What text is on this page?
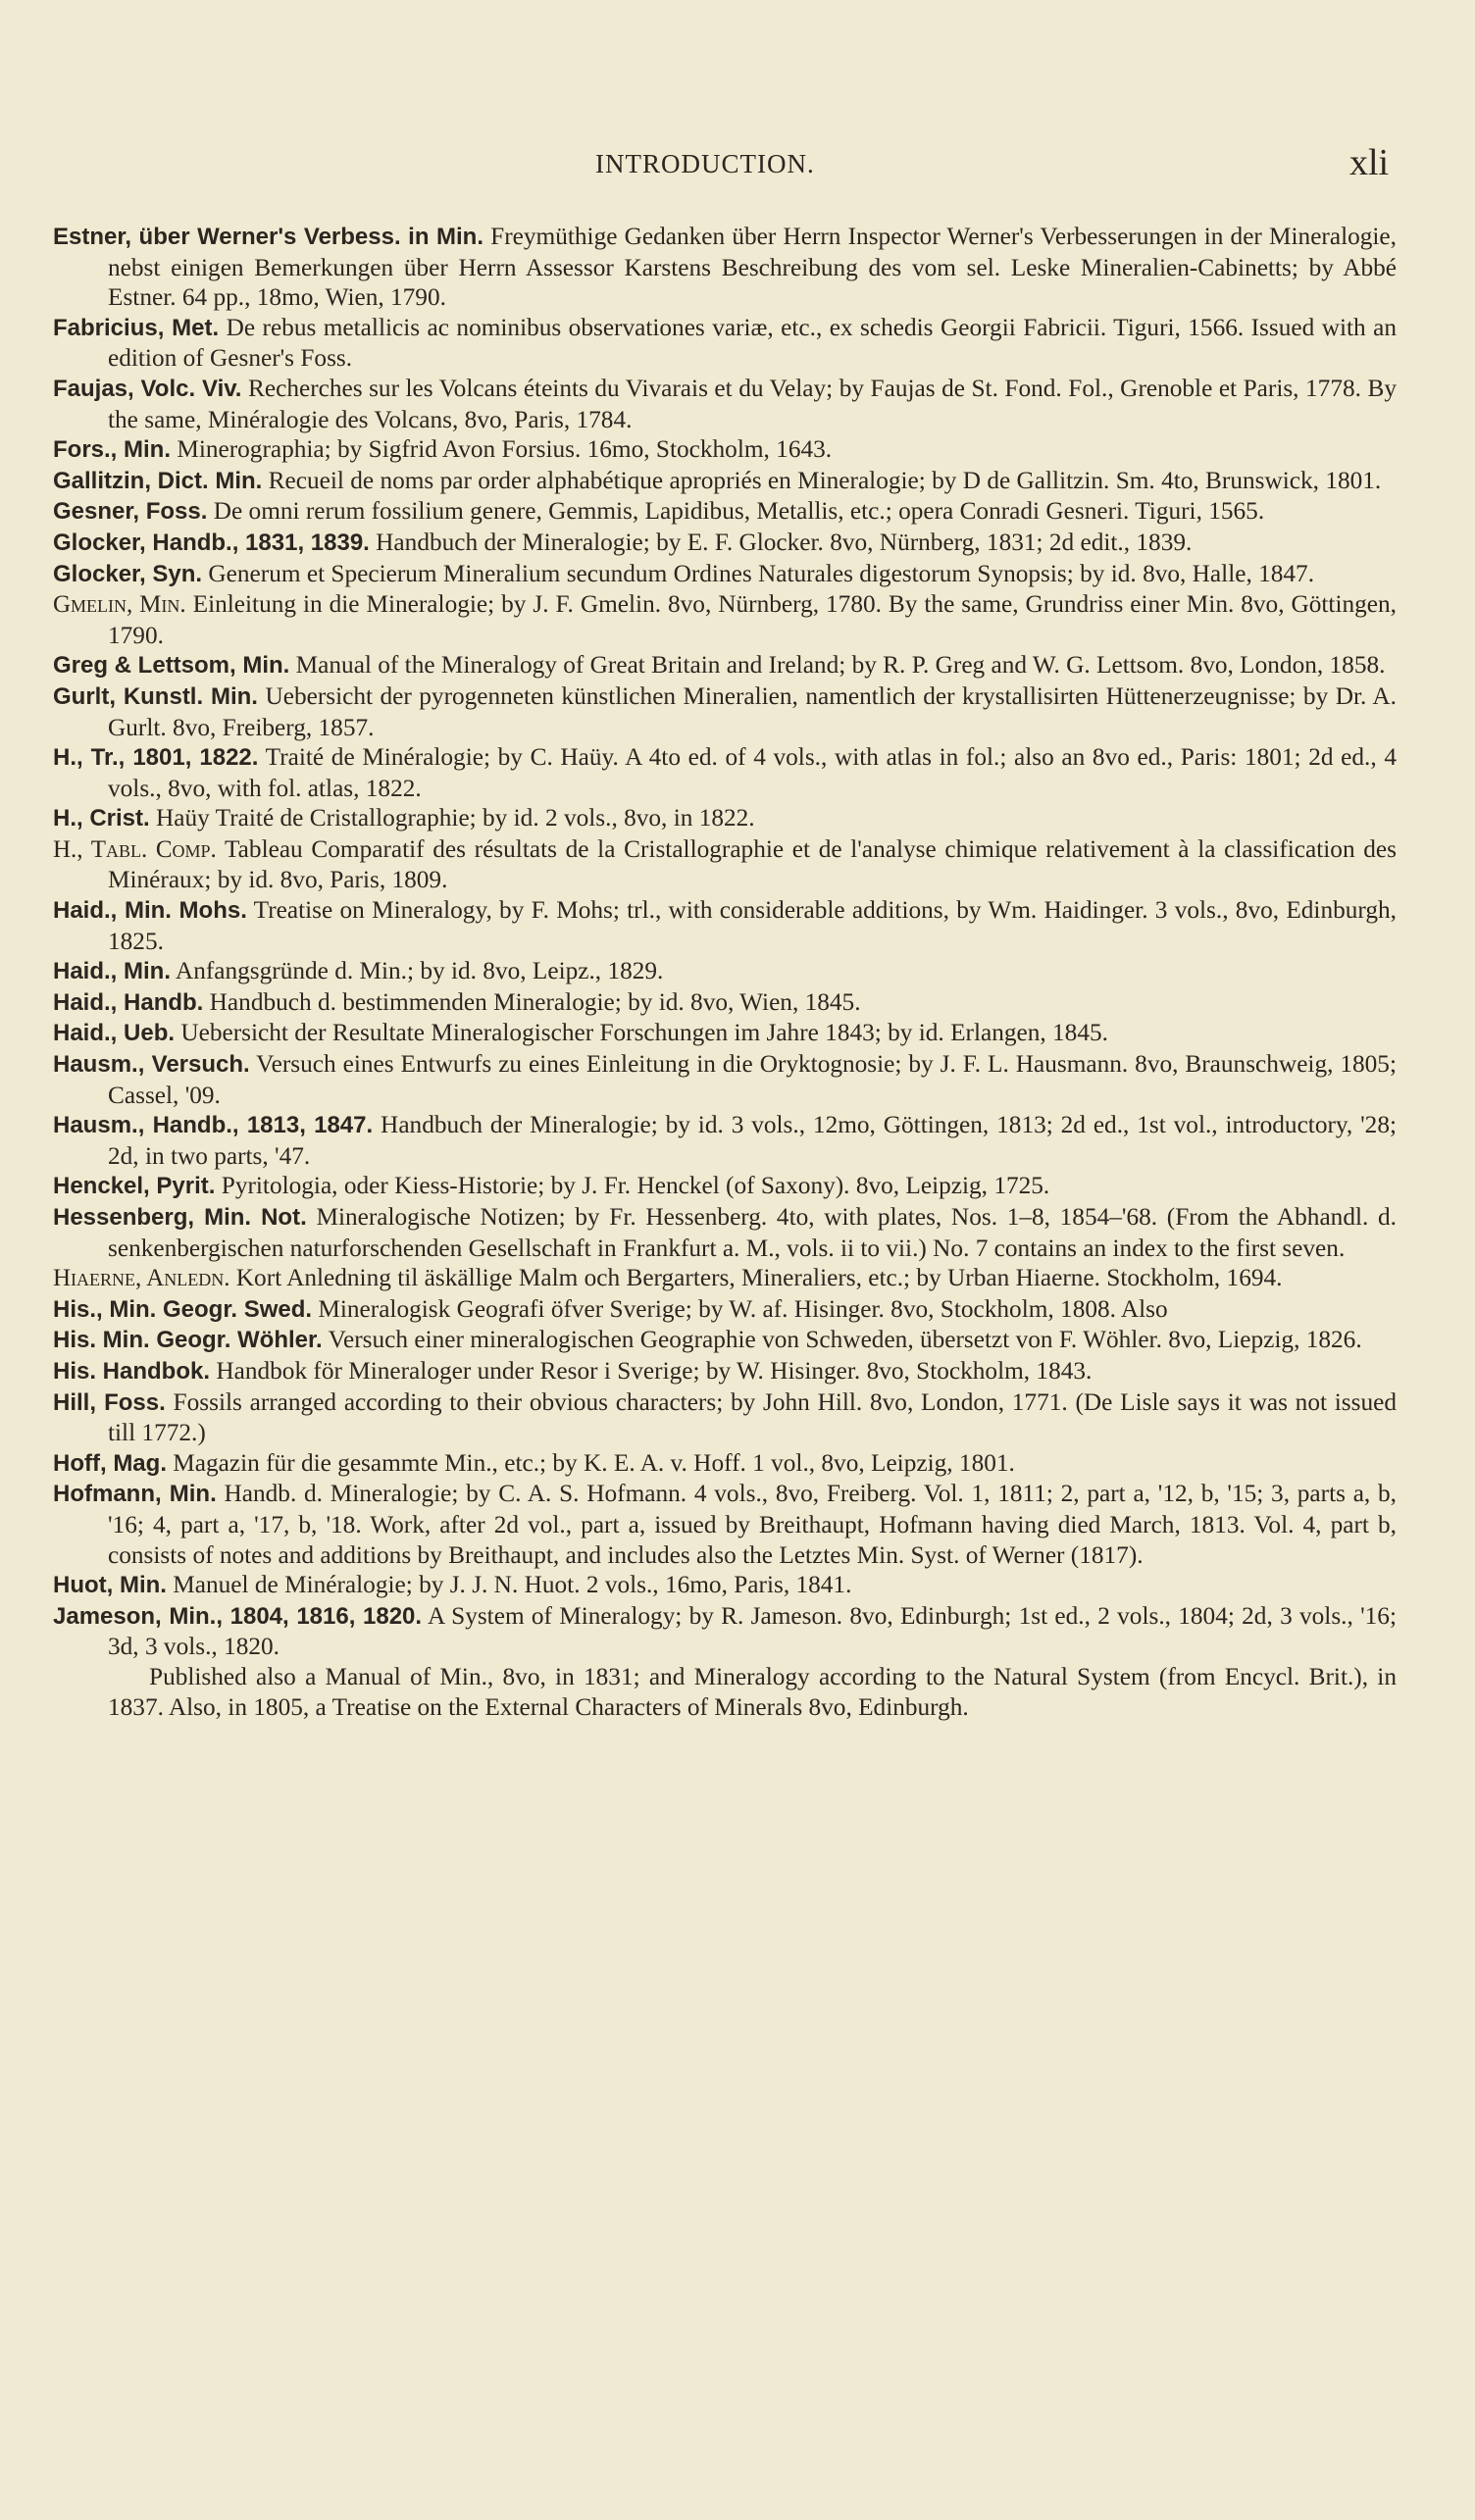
INTRODUCTION.	xli
Estner, über Werner's Verbess. in Min. Freymüthige Gedanken über Herrn Inspector Werner's Verbesserungen in der Mineralogie, nebst einigen Bemerkungen über Herrn Assessor Karstens Beschreibung des vom sel. Leske Mineralien-Cabinetts; by Abbé Estner. 64 pp., 18mo, Wien, 1790.
Fabricius, Met. De rebus metallicis ac nominibus observationes variæ, etc., ex schedis Georgii Fabricii. Tiguri, 1566. Issued with an edition of Gesner's Foss.
Faujas, Volc. Viv. Recherches sur les Volcans éteints du Vivarais et du Velay; by Faujas de St. Fond. Fol., Grenoble et Paris, 1778. By the same, Minéralogie des Volcans, 8vo, Paris, 1784.
Fors., Min. Minerographia; by Sigfrid Avon Forsius. 16mo, Stockholm, 1643.
Gallitzin, Dict. Min. Recueil de noms par order alphabétique apropriés en Mineralogie; by D de Gallitzin. Sm. 4to, Brunswick, 1801.
Gesner, Foss. De omni rerum fossilium genere, Gemmis, Lapidibus, Metallis, etc.; opera Conradi Gesneri. Tiguri, 1565.
Glocker, Handb., 1831, 1839. Handbuch der Mineralogie; by E. F. Glocker. 8vo, Nürnberg, 1831; 2d edit., 1839.
Glocker, Syn. Generum et Specierum Mineralium secundum Ordines Naturales digestorum Synopsis; by id. 8vo, Halle, 1847.
Gmelin, Min. Einleitung in die Mineralogie; by J. F. Gmelin. 8vo, Nürnberg, 1780. By the same, Grundriss einer Min. 8vo, Göttingen, 1790.
Greg & Lettsom, Min. Manual of the Mineralogy of Great Britain and Ireland; by R. P. Greg and W. G. Lettsom. 8vo, London, 1858.
Gurlt, Kunstl. Min. Uebersicht der pyrogenneten künstlichen Mineralien, namentlich der krystallisirten Hüttenerzeugnisse; by Dr. A. Gurlt. 8vo, Freiberg, 1857.
H., Tr., 1801, 1822. Traité de Minéralogie; by C. Haüy. A 4to ed. of 4 vols., with atlas in fol.; also an 8vo ed., Paris: 1801; 2d ed., 4 vols., 8vo, with fol. atlas, 1822.
H., Crist. Haüy Traité de Cristallographie; by id. 2 vols., 8vo, in 1822.
H., Tabl. Comp. Tableau Comparatif des résultats de la Cristallographie et de l'analyse chimique relativement à la classification des Minéraux; by id. 8vo, Paris, 1809.
Haid., Min. Mohs. Treatise on Mineralogy, by F. Mohs; trl., with considerable additions, by Wm. Haidinger. 3 vols., 8vo, Edinburgh, 1825.
Haid., Min. Anfangsgründe d. Min.; by id. 8vo, Leipz., 1829.
Haid., Handb. Handbuch d. bestimmenden Mineralogie; by id. 8vo, Wien, 1845.
Haid., Ueb. Uebersicht der Resultate Mineralogischer Forschungen im Jahre 1843; by id. Erlangen, 1845.
Hausm., Versuch. Versuch eines Entwurfs zu eines Einleitung in die Oryktognosie; by J. F. L. Hausmann. 8vo, Braunschweig, 1805; Cassel, '09.
Hausm., Handb., 1813, 1847. Handbuch der Mineralogie; by id. 3 vols., 12mo, Göttingen, 1813; 2d ed., 1st vol., introductory, '28; 2d, in two parts, '47.
Henckel, Pyrit. Pyritologia, oder Kiess-Historie; by J. Fr. Henckel (of Saxony). 8vo, Leipzig, 1725.
Hessenberg, Min. Not. Mineralogische Notizen; by Fr. Hessenberg. 4to, with plates, Nos. 1–8, 1854–'68. (From the Abhandl. d. senkenbergischen naturforschenden Gesellschaft in Frankfurt a. M., vols. ii to vii.) No. 7 contains an index to the first seven.
Hiaerne, Anledn. Kort Anledning til äskällige Malm och Bergarters, Mineraliers, etc.; by Urban Hiaerne. Stockholm, 1694.
His., Min. Geogr. Swed. Mineralogisk Geografi öfver Sverige; by W. af. Hisinger. 8vo, Stockholm, 1808. Also
His. Min. Geogr. Wöhler. Versuch einer mineralogischen Geographie von Schweden, übersetzt von F. Wöhler. 8vo, Liepzig, 1826.
His. Handbok. Handbok för Mineraloger under Resor i Sverige; by W. Hisinger. 8vo, Stockholm, 1843.
Hill, Foss. Fossils arranged according to their obvious characters; by John Hill. 8vo, London, 1771. (De Lisle says it was not issued till 1772.)
Hoff, Mag. Magazin für die gesammte Min., etc.; by K. E. A. v. Hoff. 1 vol., 8vo, Leipzig, 1801.
Hofmann, Min. Handb. d. Mineralogie; by C. A. S. Hofmann. 4 vols., 8vo, Freiberg. Vol. 1, 1811; 2, part a, '12, b, '15; 3, parts a, b, '16; 4, part a, '17, b, '18. Work, after 2d vol., part a, issued by Breithaupt, Hofmann having died March, 1813. Vol. 4, part b, consists of notes and additions by Breithaupt, and includes also the Letztes Min. Syst. of Werner (1817).
Huot, Min. Manuel de Minéralogie; by J. J. N. Huot. 2 vols., 16mo, Paris, 1841.
Jameson, Min., 1804, 1816, 1820. A System of Mineralogy; by R. Jameson. 8vo, Edinburgh; 1st ed., 2 vols., 1804; 2d, 3 vols., '16; 3d, 3 vols., 1820.
Published also a Manual of Min., 8vo, in 1831; and Mineralogy according to the Natural System (from Encycl. Brit.), in 1837. Also, in 1805, a Treatise on the External Characters of Minerals 8vo, Edinburgh.
